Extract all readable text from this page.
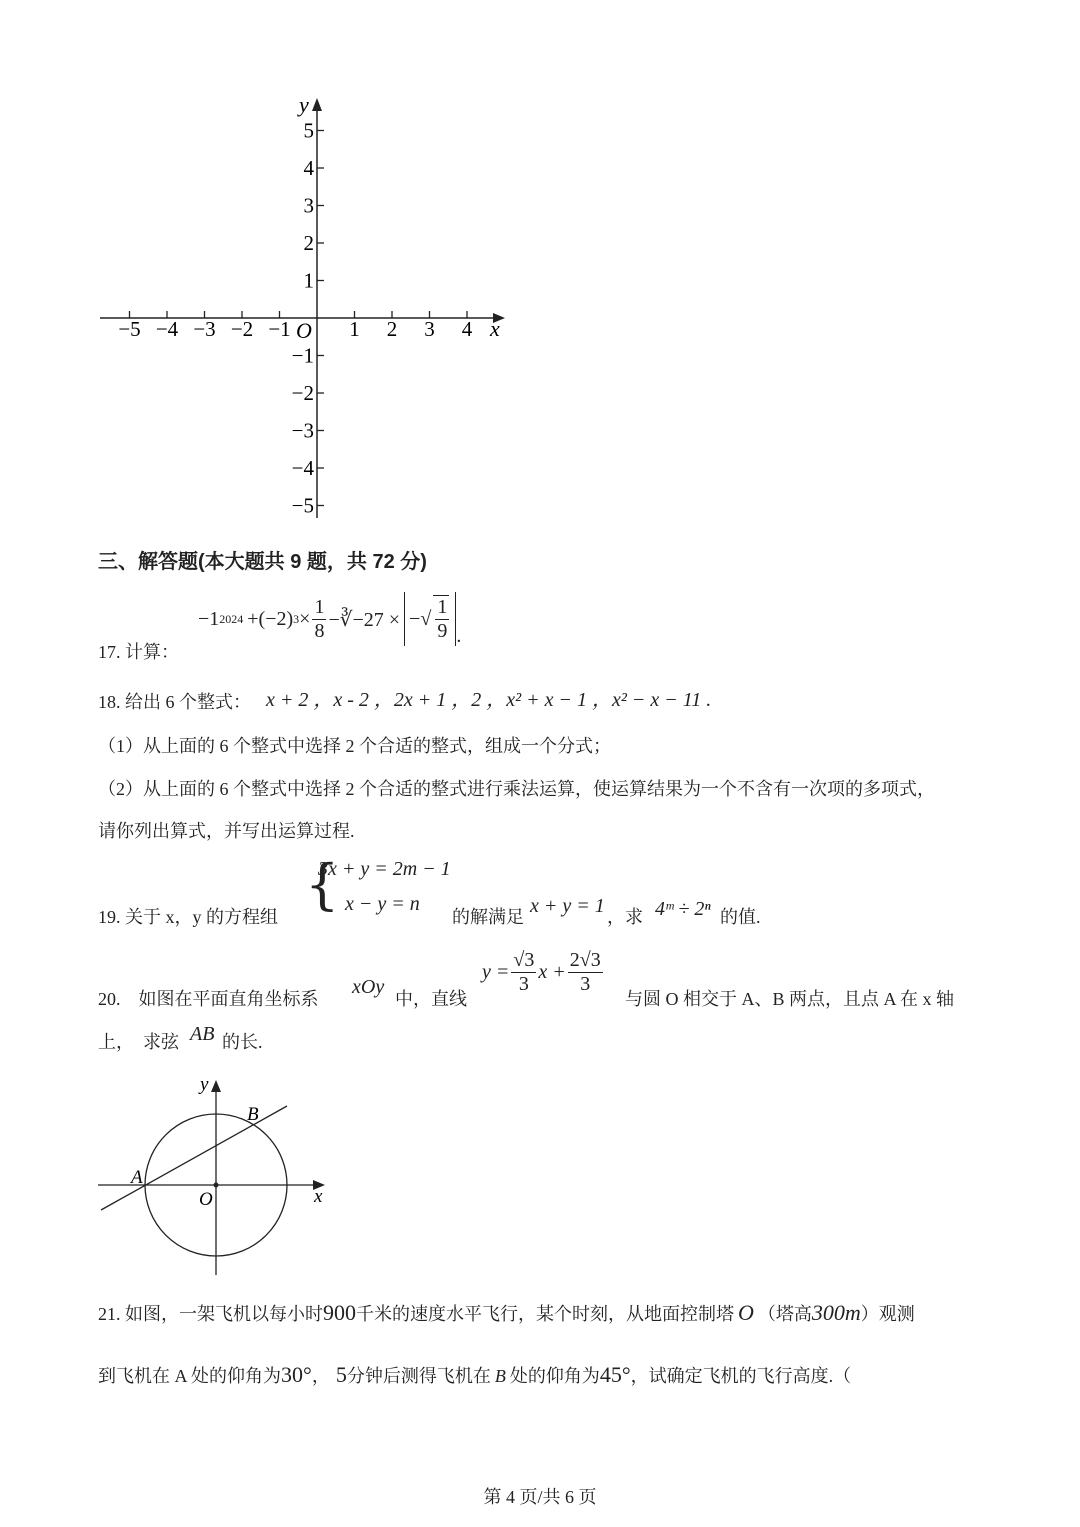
−5 −4 −3 −2 −1	1 2 3 4
5
4
3
2
1
−1
−2
−3
−4
−5
y
x
O
三、解答题(本大题共 9 题，共 72 分)
17. 计算：
−1 2024 +(−2) $3 \times \frac{1}{8}$ −∛−27 × −√ $\frac{1}{9}$ .
18. 给出 6 个整式： x + 2 ，x - 2 ，2x + 1 ，2 ，x² + x − 1 ，x² − x − 11 .
（1）从上面的 6 个整式中选择 2 个合适的整式，组成一个分式；
（2）从上面的 6 个整式中选择 2 个合适的整式进行乘法运算，使运算结果为一个不含有一次项的多项式，
请你列出算式，并写出运算过程.
19. 关于 x，y 的方程组
{
3x + y = 2m − 1
x − y = n
的解满足 x + y = 1 ，求 4ᵐ ÷ 2ⁿ 的值.
20.　如图在平面直角坐标系
xOy
中，直线
$y = \frac{√3}{3}$ $x + \frac{2√3}{3}$
与圆 O 相交于 A、B 两点，且点 A 在 x 轴
上，　求弦 AB 的长.
y
x
O
A
B
21. 如图，一架飞机以每小时 900 千米的速度水平飞行，某个时刻，从地面控制塔 O （塔高 300m ）观测
到飞机在 A 处的仰角为 30° ， 5 分钟后测得飞机在 B 处的仰角为 45° ，试确定飞机的飞行高度.（
第 4 页/共 6 页
